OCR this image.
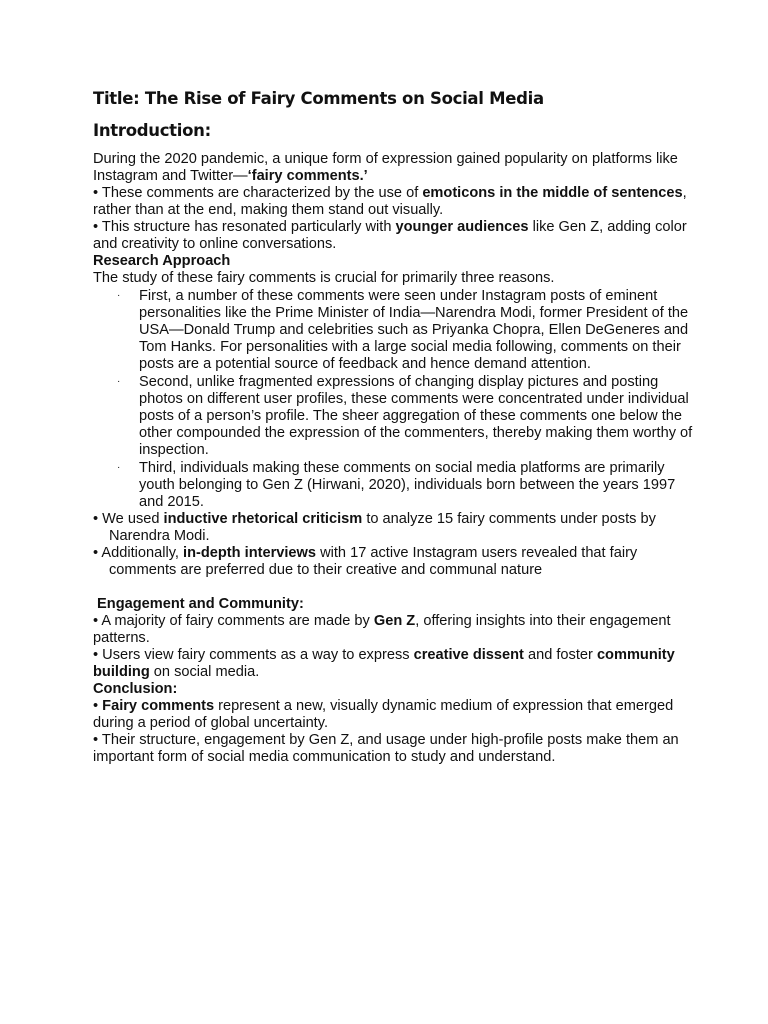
Title: The Rise of Fairy Comments on Social Media
Introduction:

During the 2020 pandemic, a unique form of expression gained popularity on platforms like Instagram and Twitter—‘fairy comments.’

• These comments are characterized by the use of emoticons in the middle of sentences, rather than at the end, making them stand out visually.

• This structure has resonated particularly with younger audiences like Gen Z, adding color and creativity to online conversations.

Research Approach

The study of these fairy comments is crucial for primarily three reasons.

· First, a number of these comments were seen under Instagram posts of eminent personalities like the Prime Minister of India—Narendra Modi, former President of the USA—Donald Trump and celebrities such as Priyanka Chopra, Ellen DeGeneres and Tom Hanks. For personalities with a large social media following, comments on their posts are a potential source of feedback and hence demand attention.

· Second, unlike fragmented expressions of changing display pictures and posting photos on different user profiles, these comments were concentrated under individual posts of a person’s profile. The sheer aggregation of these comments one below the other compounded the expression of the commenters, thereby making them worthy of inspection.

· Third, individuals making these comments on social media platforms are primarily youth belonging to Gen Z (Hirwani, 2020), individuals born between the years 1997 and 2015.

• We used inductive rhetorical criticism to analyze 15 fairy comments under posts by Narendra Modi.

• Additionally, in-depth interviews with 17 active Instagram users revealed that fairy comments are preferred due to their creative and communal nature

Engagement and Community:

• A majority of fairy comments are made by Gen Z, offering insights into their engagement patterns.

• Users view fairy comments as a way to express creative dissent and foster community building on social media.

Conclusion:

• Fairy comments represent a new, visually dynamic medium of expression that emerged during a period of global uncertainty.

• Their structure, engagement by Gen Z, and usage under high-profile posts make them an important form of social media communication to study and understand.
